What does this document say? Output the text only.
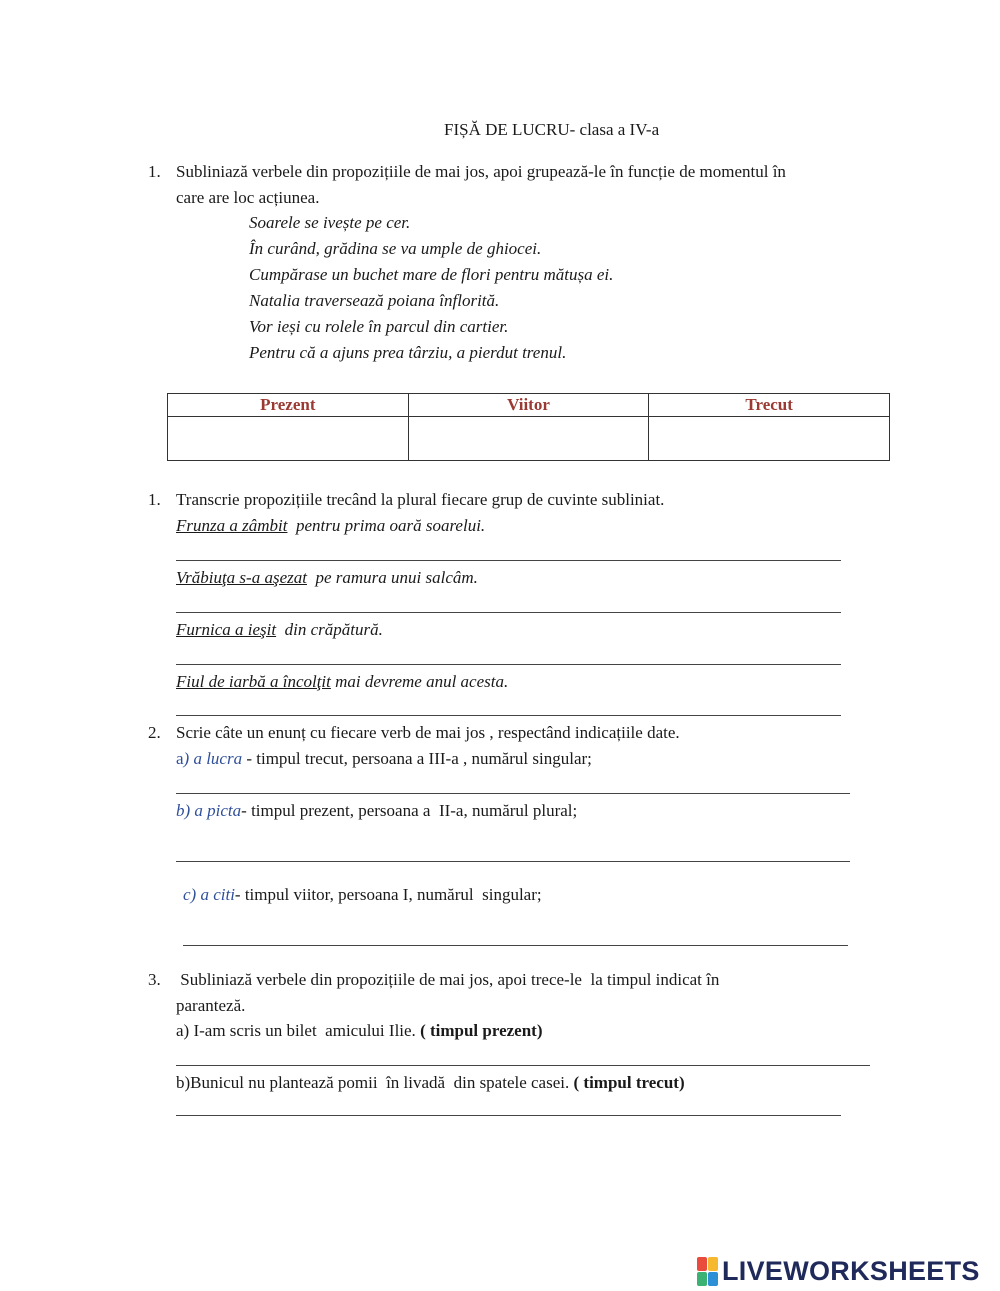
FIȘĂ DE LUCRU- clasa a IV-a
1. Subliniază verbele din propozițiile de mai jos, apoi grupează-le în funcție de momentul în
care are loc acțiunea.
Soarele se ivește pe cer.
În curând, grădina se va umple de ghiocei.
Cumpărase un buchet mare de flori pentru mătușa ei.
Natalia traversează poiana înflorită.
Vor ieși cu rolele în parcul din cartier.
Pentru că a ajuns prea târziu, a pierdut trenul.
Prezent	Viitor	Trecut

1. Transcrie propozițiile trecând la plural fiecare grup de cuvinte subliniat.
Frunza a zâmbit  pentru prima oară soarelui.
Vrăbiuţa s-a aşezat  pe ramura unui salcâm.
Furnica a ieşit  din crăpătură.
Fiul de iarbă a încolţit mai devreme anul acesta.
2. Scrie câte un enunț cu fiecare verb de mai jos , respectând indicațiile date.
a) a lucra - timpul trecut, persoana a III-a , numărul singular;
b) a picta- timpul prezent, persoana a  II-a, numărul plural;
c) a citi- timpul viitor, persoana I, numărul  singular;
3. Subliniază verbele din propozițiile de mai jos, apoi trece-le  la timpul indicat în
paranteză.
a) I-am scris un bilet  amicului Ilie. ( timpul prezent)
b)Bunicul nu plantează pomii  în livadă  din spatele casei. ( timpul trecut)
LIVEWORKSHEETS
